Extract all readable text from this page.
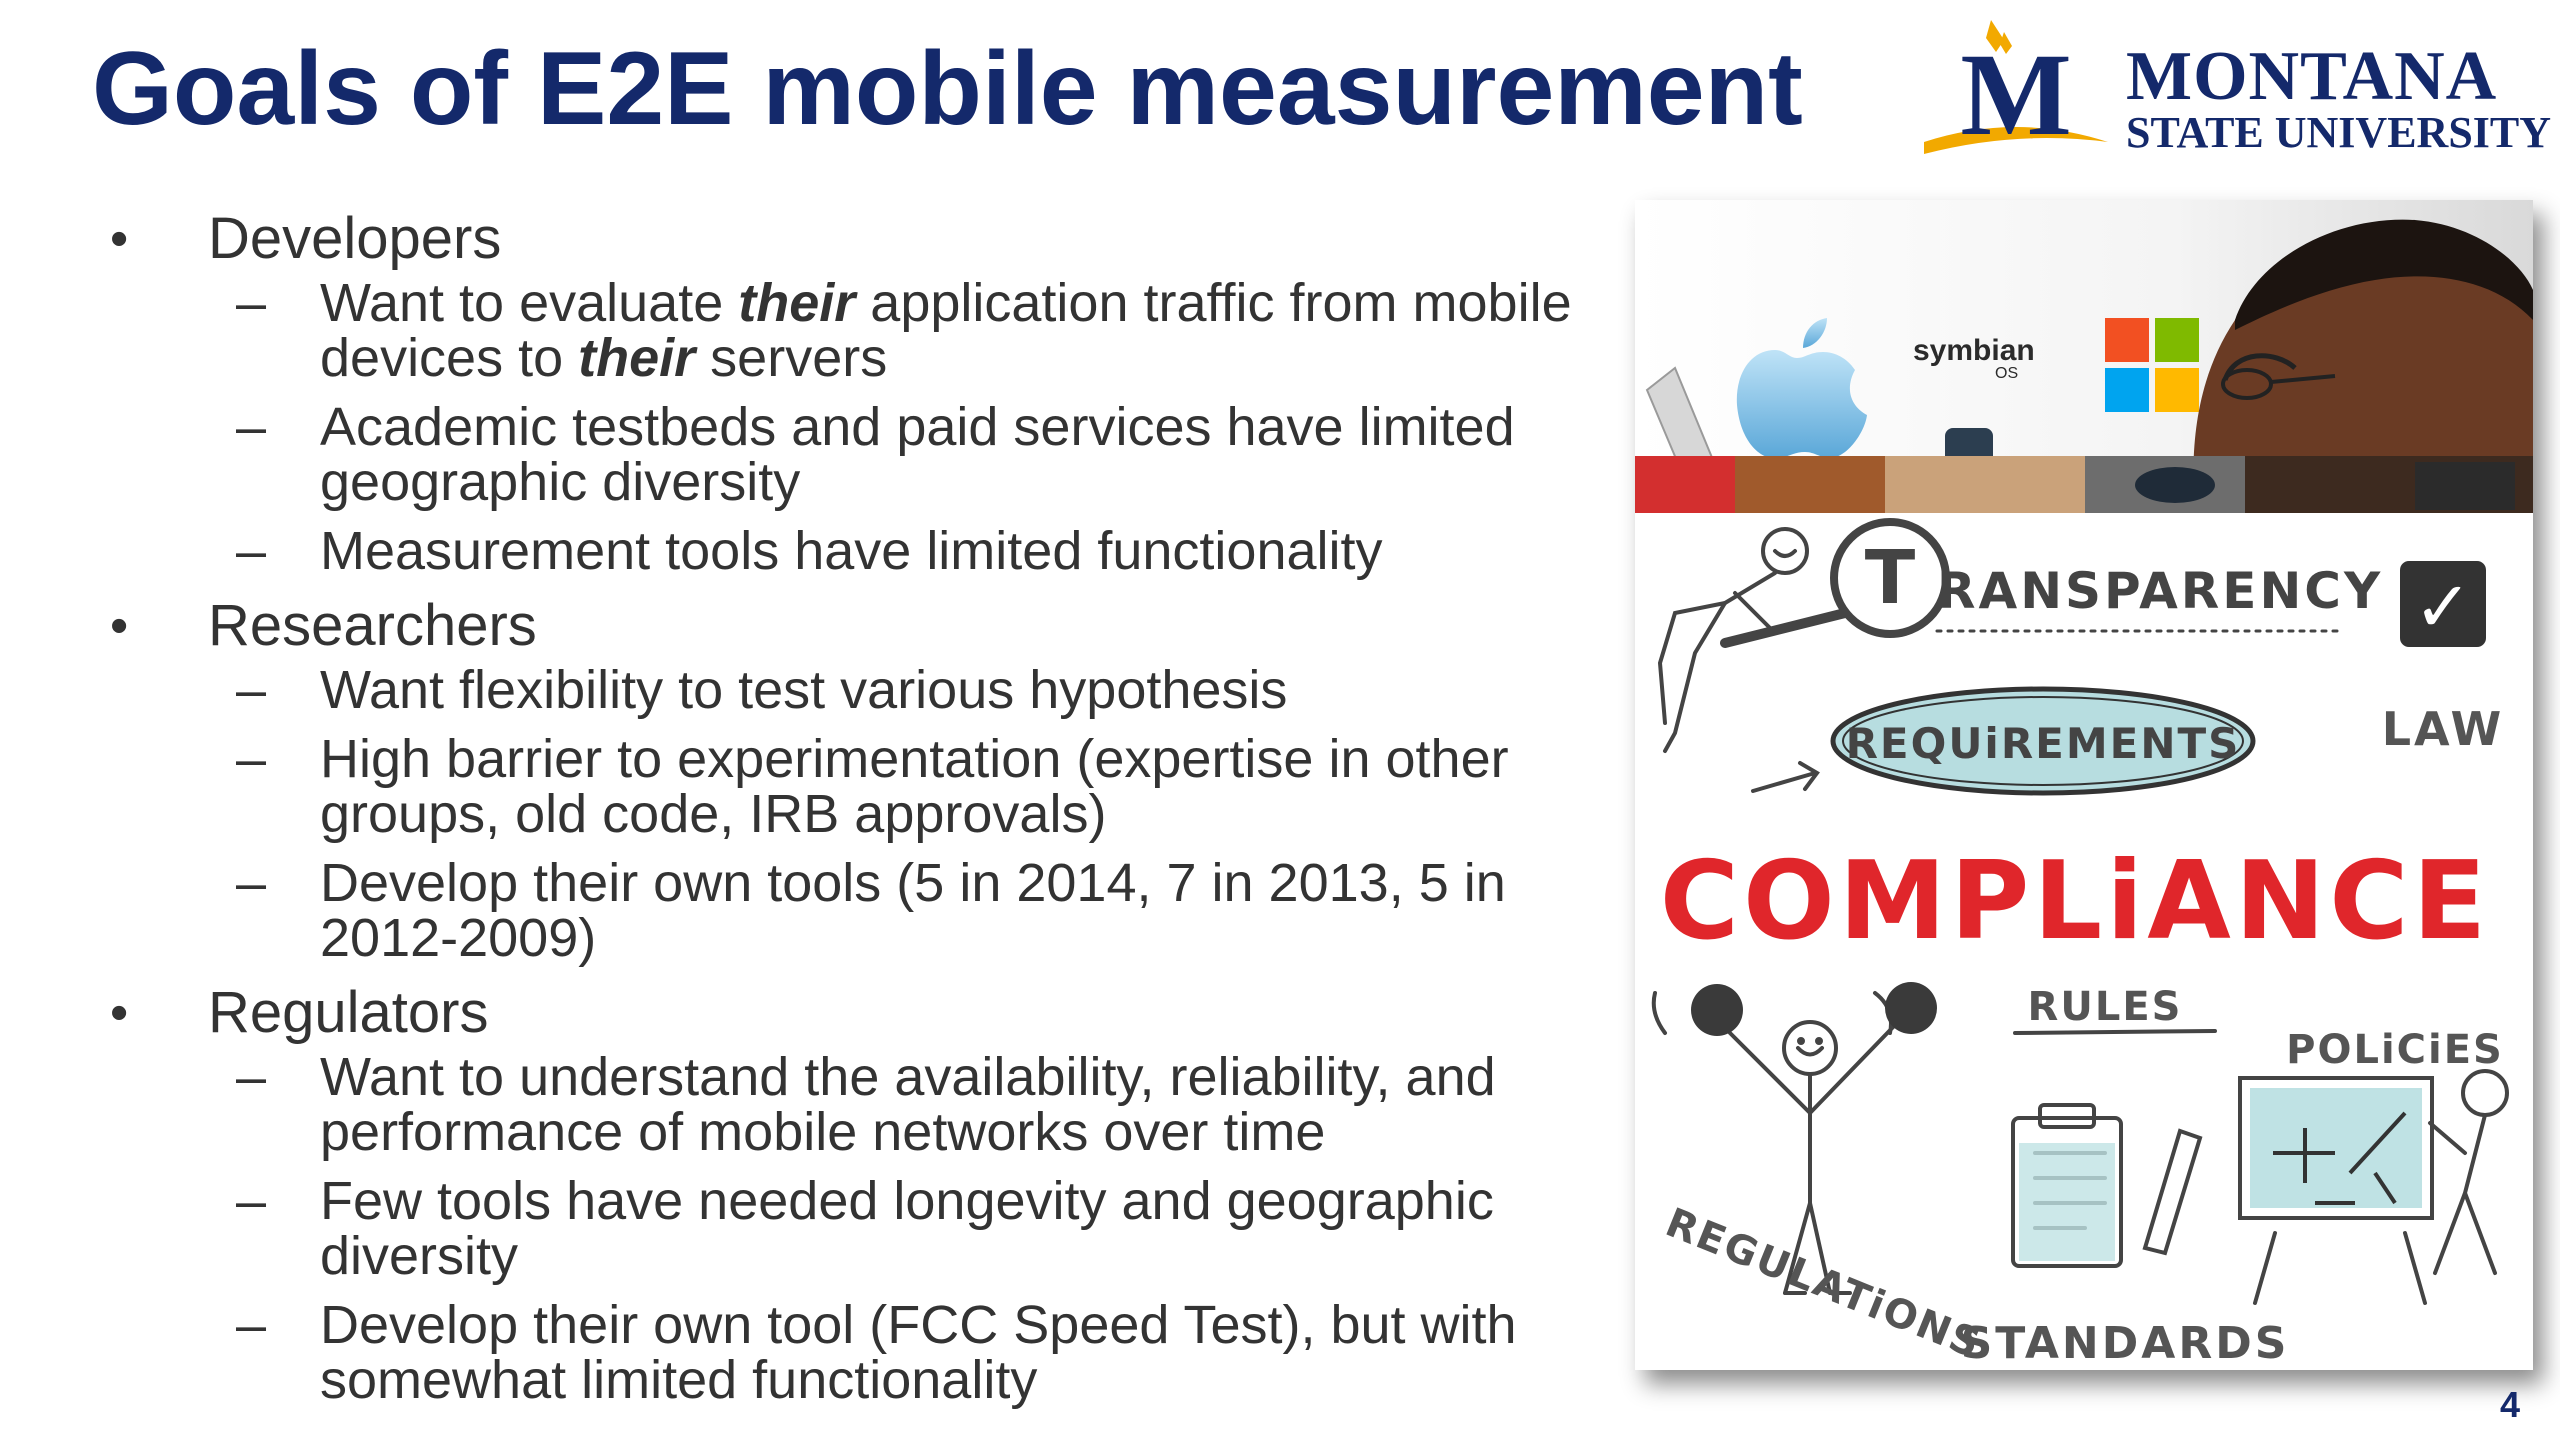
Goals of E2E mobile measurement M MONTANA
STATE UNIVERSITY
• Developers
– Want to evaluate their application traffic from mobile devices to their servers
– Academic testbeds and paid services have limited geographic diversity
– Measurement tools have limited functionality
• Researchers
– Want flexibility to test various hypothesis
– High barrier to experimentation (expertise in other groups, old code, IRB approvals)
– Develop their own tools (5 in 2014, 7 in 2013, 5 in 2012-2009)
• Regulators
– Want to understand the availability, reliability, and performance of mobile networks over time
– Few tools have needed longevity and geographic diversity
– Develop their own tool (FCC Speed Test), but with somewhat limited functionality
symbian
OS
✓
T RANSPARENCY
REQUiREMENTS	LAW
COMPLiANCE
RULES
POLiCiES
REGULATiONS
STANDARDS
4
